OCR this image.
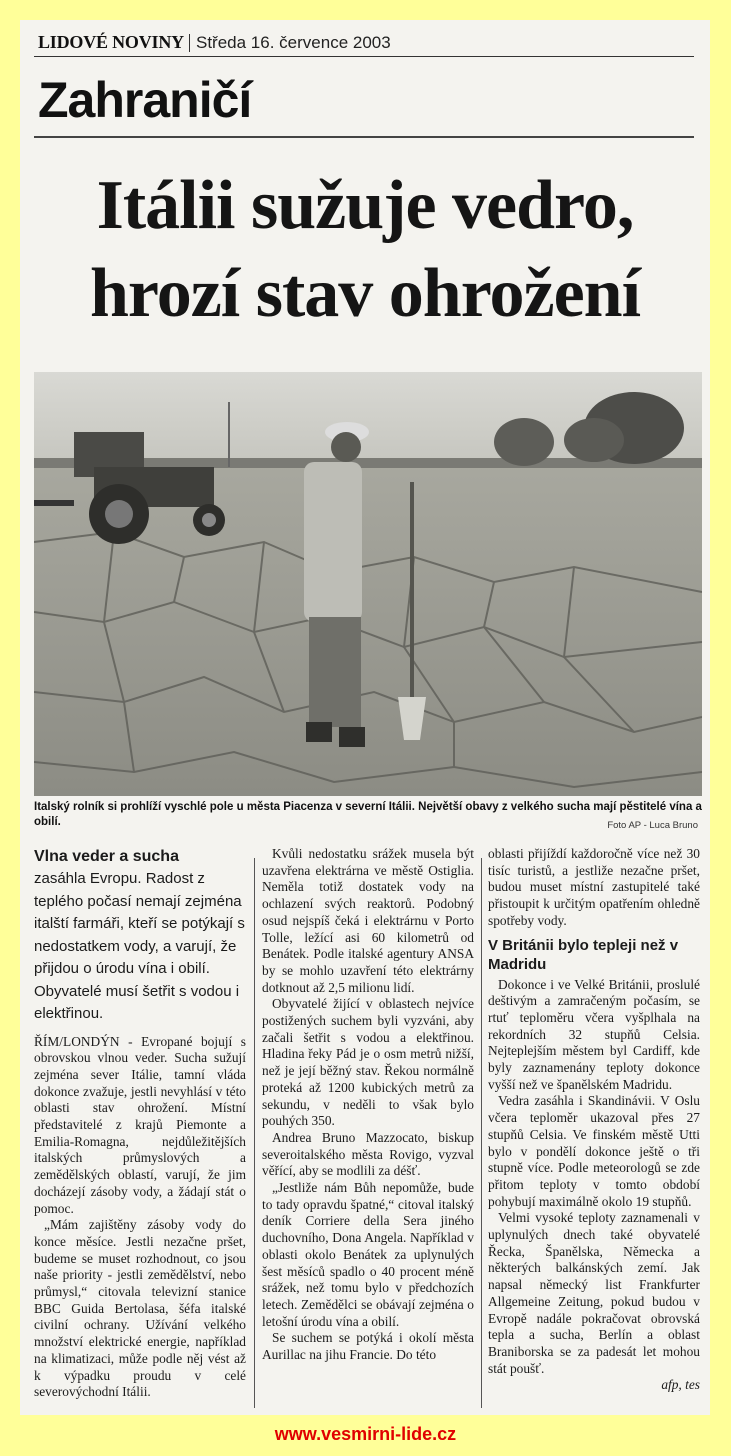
LIDOVÉ NOVINY Středa 16. července 2003
Zahraničí
Itálii sužuje vedro,
hrozí stav ohrožení
Italský rolník si prohlíží vyschlé pole u města Piacenza v severní Itálii. Největší obavy z velkého sucha mají pěstitelé vína a obilí.	Foto AP - Luca Bruno
Vlna veder a sucha
zasáhla Evropu. Radost z teplého počasí nemají zejména italští farmáři, kteří se potýkají s nedostatkem vody, a varují, že přijdou o úrodu vína i obilí. Obyvatelé musí šetřit s vodou i elektřinou.

ŘÍM/LONDÝN - Evropané bojují s obrovskou vlnou veder. Sucha sužují zejména sever Itálie, tamní vláda dokonce zvažuje, jestli nevyhlásí v této oblasti stav ohrožení. Místní představitelé z krajů Piemonte a Emilia-Romagna, nejdůležitějších italských průmyslových a zemědělských oblastí, varují, že jim docházejí zásoby vody, a žádají stát o pomoc.

„Mám zajištěny zásoby vody do konce měsíce. Jestli nezačne pršet, budeme se muset rozhodnout, co jsou naše priority - jestli zemědělství, nebo průmysl,“ citovala televizní stanice BBC Guida Bertolasa, šéfa italské civilní ochrany. Užívání velkého množství elektrické energie, například na klimatizaci, může podle něj vést až k výpadku proudu v celé severovýchodní Itálii.

Kvůli nedostatku srážek musela být uzavřena elektrárna ve městě Ostiglia. Neměla totiž dostatek vody na ochlazení svých reaktorů. Podobný osud nejspíš čeká i elektrárnu v Porto Tolle, ležící asi 60 kilometrů od Benátek. Podle italské agentury ANSA by se mohlo uzavření této elektrárny dotknout až 2,5 milionu lidí.

Obyvatelé žijící v oblastech nejvíce postižených suchem byli vyzváni, aby začali šetřit s vodou a elektřinou. Hladina řeky Pád je o osm metrů nižší, než je její běžný stav. Řekou normálně proteká až 1200 kubických metrů za sekundu, v neděli to však bylo pouhých 350.

Andrea Bruno Mazzocato, biskup severoitalského města Rovigo, vyzval věřící, aby se modlili za déšť.

„Jestliže nám Bůh nepomůže, bude to tady opravdu špatné,“ citoval italský deník Corriere della Sera jiného duchovního, Dona Angela. Například v oblasti okolo Benátek za uplynulých šest měsíců spadlo o 40 procent méně srážek, než tomu bylo v předchozích letech. Zemědělci se obávají zejména o letošní úrodu vína a obilí.

Se suchem se potýká i okolí města Aurillac na jihu Francie. Do této

oblasti přijíždí každoročně více než 30 tisíc turistů, a jestliže nezačne pršet, budou muset místní zastupitelé také přistoupit k určitým opatřením ohledně spotřeby vody.

V Británii bylo tepleji než v Madridu

Dokonce i ve Velké Británii, proslulé deštivým a zamračeným počasím, se rtuť teploměru včera vyšplhala na rekordních 32 stupňů Celsia. Nejteplejším městem byl Cardiff, kde byly zaznamenány teploty dokonce vyšší než ve španělském Madridu.

Vedra zasáhla i Skandinávii. V Oslu včera teploměr ukazoval přes 27 stupňů Celsia. Ve finském městě Utti bylo v pondělí dokonce ještě o tři stupně více. Podle meteorologů se zde přitom teploty v tomto období pohybují maximálně okolo 19 stupňů.

Velmi vysoké teploty zaznamenali v uplynulých dnech také obyvatelé Řecka, Španělska, Německa a některých balkánských zemí. Jak napsal německý list Frankfurter Allgemeine Zeitung, pokud budou v Evropě nadále pokračovat obrovská tepla a sucha, Berlín a oblast Braniborska se za padesát let mohou stát poušť.

afp, tes
www.vesmirni-lide.cz
